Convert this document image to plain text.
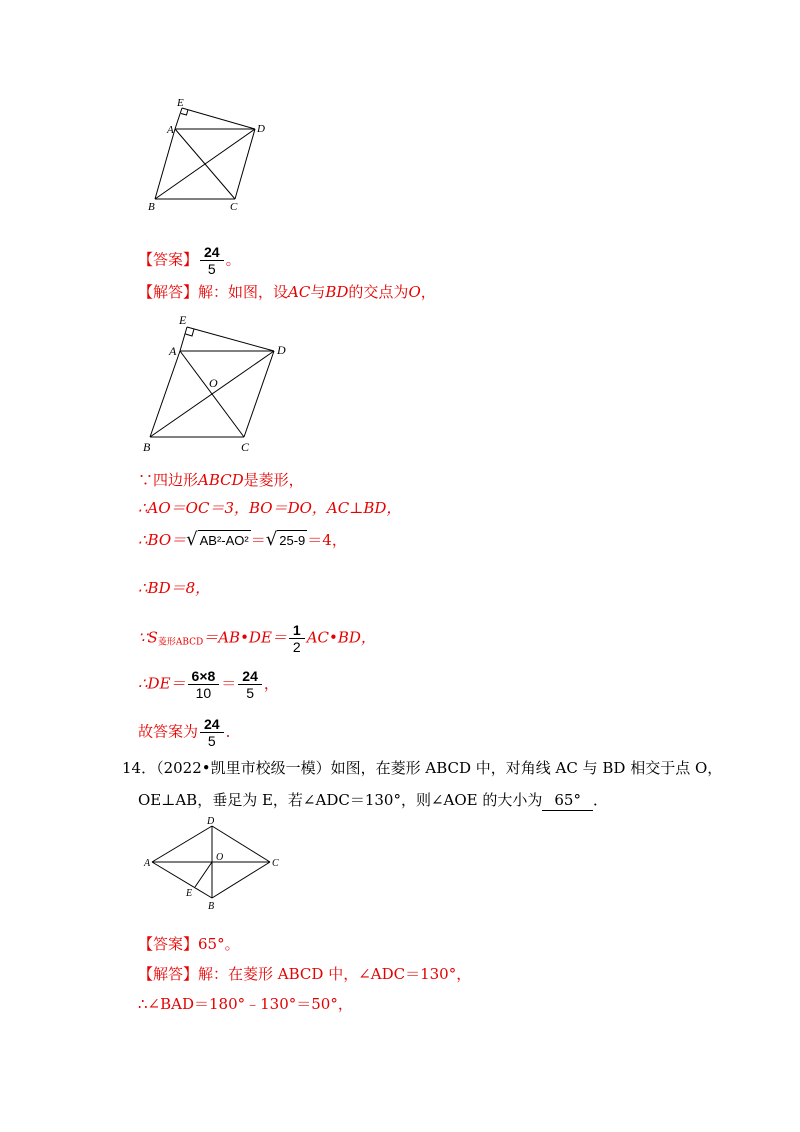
E
A	D
B	C
【答案】 $\frac{24}{5}$ 。
【解答】解：如图，设AC与BD的交点为O，
E
A	D
O
B	C
∵四边形ABCD是菱形，
∴AO＝OC＝3，BO＝DO，AC⊥BD，
∴BO＝√ AB²-AO² ＝√ 25-9 ＝4，
∴BD＝8，
$\because S_{菱形ABCD}=AB•DE= \frac{1}{2}$ AC•BD，
∴DE＝ $\frac{6\times 8}{10} = \frac{24}{5}$ ，
故答案为 $\frac{24}{5}$ ．
14．（2022•凯里市校级一模）如图，在菱形 ABCD 中，对角线 AC 与 BD 相交于点 O，
OE⊥AB，垂足为 E，若∠ADC＝130°，则∠AOE 的大小为 65° ．
D
A
O
C
E
B
【答案】65°。
【解答】解：在菱形 ABCD 中，∠ADC＝130°，
∴∠BAD＝180°﹣130°＝50°，
